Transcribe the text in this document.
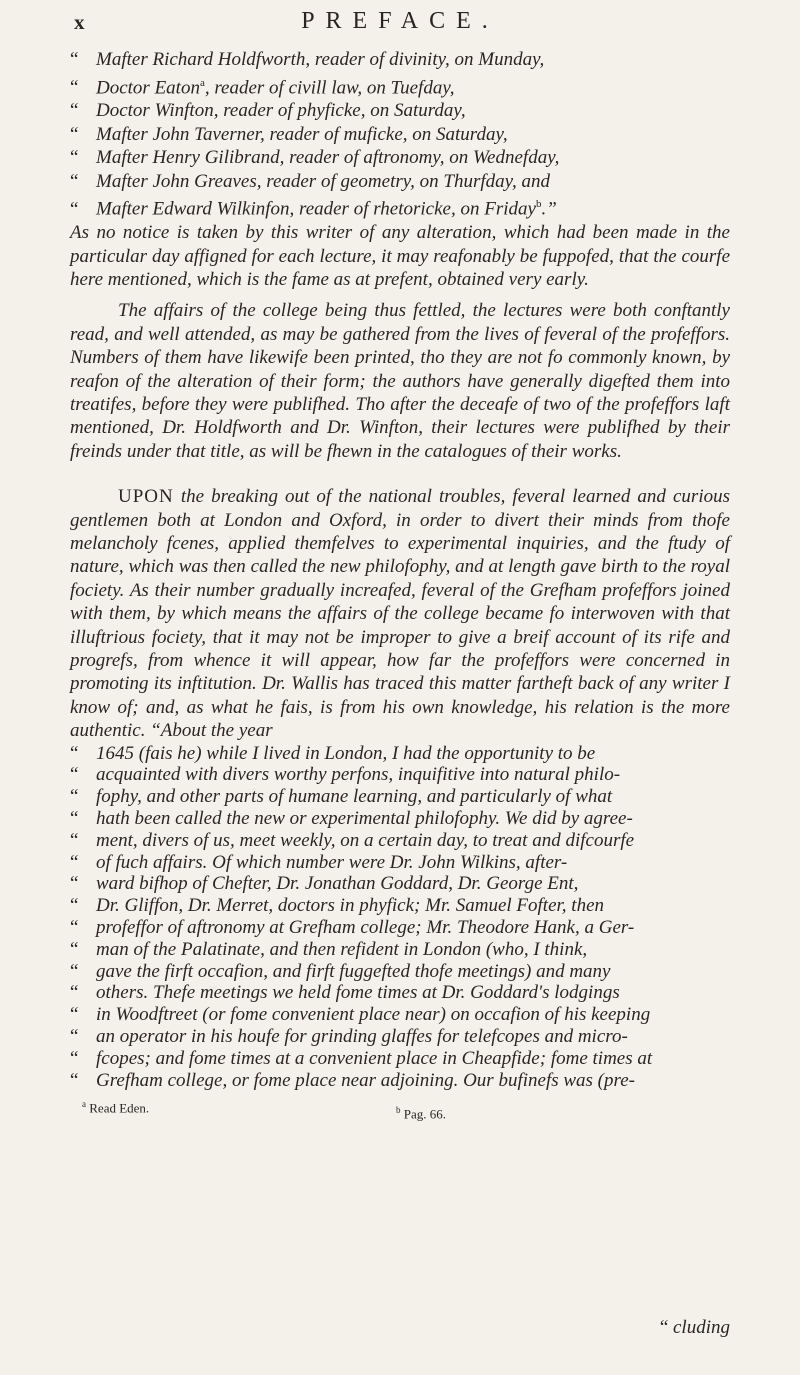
x	PREFACE.
“ Mafter Richard Holdfworth, reader of divinity, on Munday,
“ Doctor Eaton$^a$, reader of civill law, on Tuefday,
“ Doctor Winfton, reader of phyficke, on Saturday,
“ Mafter John Taverner, reader of muficke, on Saturday,
“ Mafter Henry Gilibrand, reader of aftronomy, on Wednefday,
“ Mafter John Greaves, reader of geometry, on Thurfday, and
“ Mafter Edward Wilkinfon, reader of rhetoricke, on Friday$^b$.”

As no notice is taken by this writer of any alteration, which had been made in the particular day affigned for each lecture, it may reafonably be fuppofed, that the courfe here mentioned, which is the fame as at prefent, obtained very early.

The affairs of the college being thus fettled, the lectures were both conftantly read, and well attended, as may be gathered from the lives of feveral of the profeffors. Numbers of them have likewife been printed, tho they are not fo commonly known, by reafon of the alteration of their form; the authors have generally digefted them into treatifes, before they were publifhed. Tho after the deceafe of two of the profeffors laft mentioned, Dr. Holdfworth and Dr. Winfton, their lectures were publifhed by their freinds under that title, as will be fhewn in the catalogues of their works.

UPON the breaking out of the national troubles, feveral learned and curious gentlemen both at London and Oxford, in order to divert their minds from thofe melancholy fcenes, applied themfelves to experimental inquiries, and the ftudy of nature, which was then called the new philofophy, and at length gave birth to the royal fociety. As their number gradually increafed, feveral of the Grefham profeffors joined with them, by which means the affairs of the college became fo interwoven with that illuftrious fociety, that it may not be improper to give a breif account of its rife and progrefs, from whence it will appear, how far the profeffors were concerned in promoting its inftitution. Dr. Wallis has traced this matter fartheft back of any writer I know of; and, as what he fais, is from his own knowledge, his relation is the more authentic. “About the year

“ 1645 (fais he) while I lived in London, I had the opportunity to be
“ acquainted with divers worthy perfons, inquifitive into natural philo-
“ fophy, and other parts of humane learning, and particularly of what
“ hath been called the new or experimental philofophy. We did by agree-
“ ment, divers of us, meet weekly, on a certain day, to treat and difcourfe
“ of fuch affairs. Of which number were Dr. John Wilkins, after-
“ ward bifhop of Chefter, Dr. Jonathan Goddard, Dr. George Ent,
“ Dr. Gliffon, Dr. Merret, doctors in phyfick; Mr. Samuel Fofter, then
“ profeffor of aftronomy at Grefham college; Mr. Theodore Hank, a Ger-
“ man of the Palatinate, and then refident in London (who, I think,
“ gave the firft occafion, and firft fuggefted thofe meetings) and many
“ others. Thefe meetings we held fome times at Dr. Goddard's lodgings
“ in Woodftreet (or fome convenient place near) on occafion of his keeping
“ an operator in his houfe for grinding glaffes for telefcopes and micro-
“ fcopes; and fome times at a convenient place in Cheapfide; fome times at
“ Grefham college, or fome place near adjoining. Our bufinefs was (pre-
$^a$ Read Eden.	$^b$ Pag. 66.
“ cluding
